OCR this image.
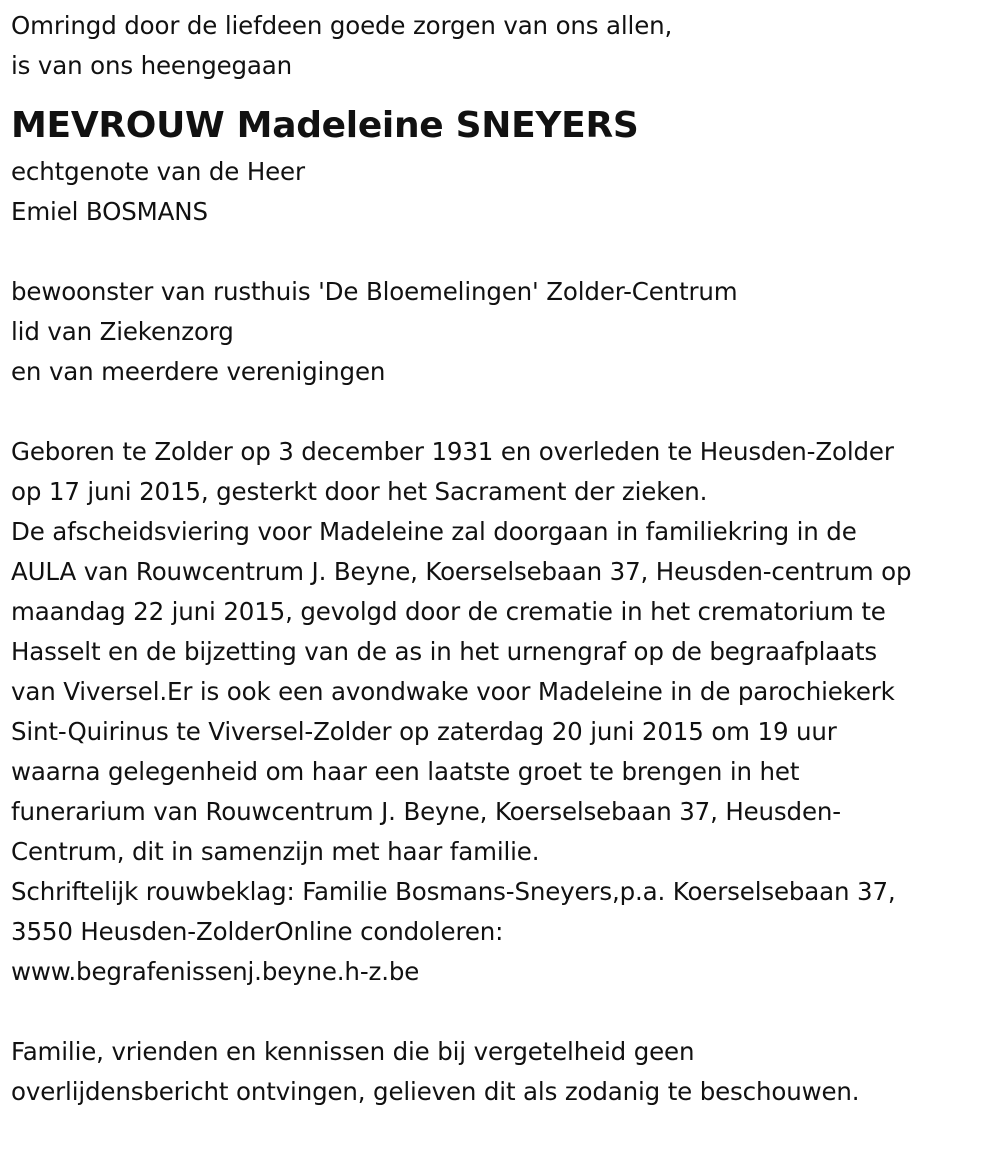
Omringd door de liefdeen goede zorgen van ons allen,
is van ons heengegaan
MEVROUW Madeleine SNEYERS
echtgenote van de Heer
Emiel BOSMANS
bewoonster van rusthuis 'De Bloemelingen' Zolder-Centrum
lid van Ziekenzorg
en van meerdere verenigingen
Geboren te Zolder op 3 december 1931 en overleden te Heusden-Zolder
op 17 juni 2015, gesterkt door het Sacrament der zieken.
De afscheidsviering voor Madeleine zal doorgaan in familiekring in de
AULA van Rouwcentrum J. Beyne, Koerselsebaan 37, Heusden-centrum op
maandag 22 juni 2015, gevolgd door de crematie in het crematorium te
Hasselt en de bijzetting van de as in het urnengraf op de begraafplaats
van Viversel.Er is ook een avondwake voor Madeleine in de parochiekerk
Sint-Quirinus te Viversel-Zolder op zaterdag 20 juni 2015 om 19 uur
waarna gelegenheid om haar een laatste groet te brengen in het
funerarium van Rouwcentrum J. Beyne, Koerselsebaan 37, Heusden-
Centrum, dit in samenzijn met haar familie.
Schriftelijk rouwbeklag: Familie Bosmans-Sneyers,p.a. Koerselsebaan 37,
3550 Heusden-ZolderOnline condoleren:
www.begrafenissenj.beyne.h-z.be
Familie, vrienden en kennissen die bij vergetelheid geen
overlijdensbericht ontvingen, gelieven dit als zodanig te beschouwen.
